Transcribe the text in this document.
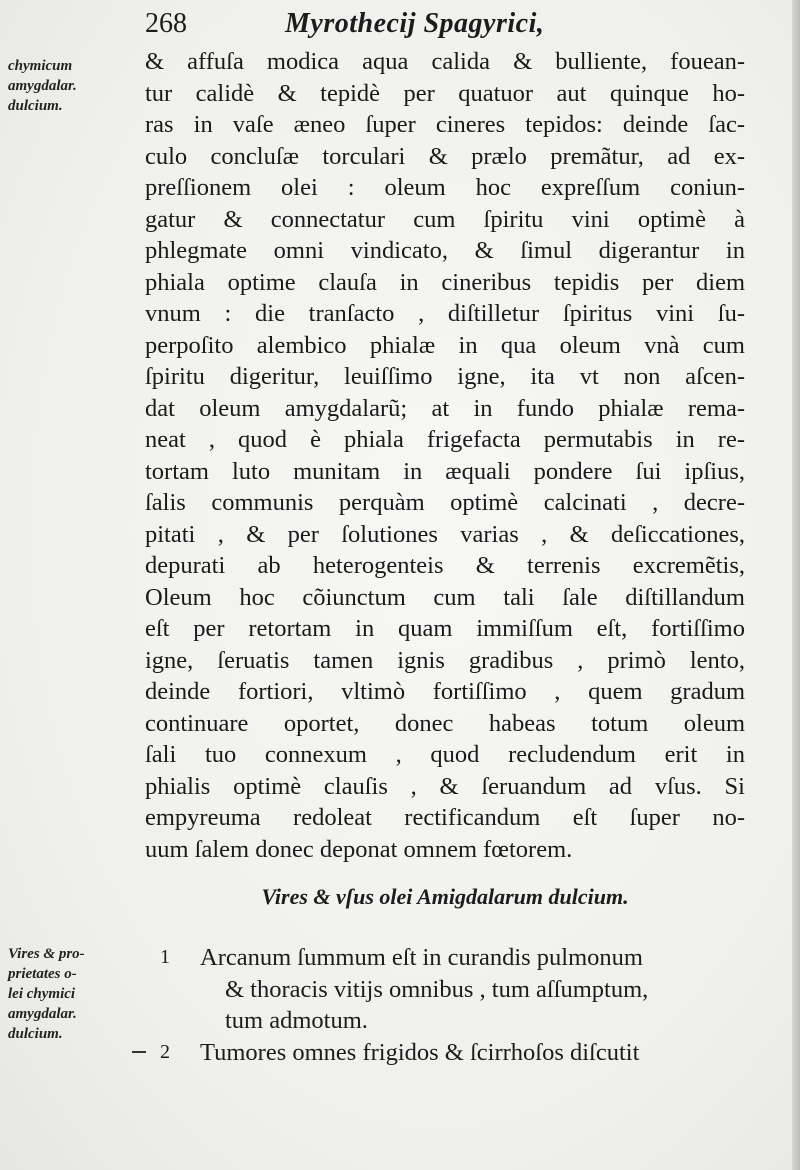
268	Myrothecij Spagyrici,
chymicum
amygdalar.
dulcium.
& affuſa modica aqua calida & bulliente, fouean-
tur calidè & tepidè per quatuor aut quinque ho-
ras in vaſe æneo ſuper cineres tepidos: deinde ſac-
culo concluſæ torculari & prælo premãtur, ad ex-
preſſionem olei : oleum hoc expreſſum coniun-
gatur & connectatur cum ſpiritu vini optimè à
phlegmate omni vindicato, & ſimul digerantur in
phiala optime clauſa in cineribus tepidis per diem
vnum : die tranſacto , diſtilletur ſpiritus vini ſu-
perpoſito alembico phialæ in qua oleum vnà cum
ſpiritu digeritur, leuiſſimo igne, ita vt non aſcen-
dat oleum amygdalarũ; at in fundo phialæ rema-
neat , quod è phiala frigefacta permutabis in re-
tortam luto munitam in æquali pondere ſui ipſius,
ſalis communis perquàm optimè calcinati , decre-
pitati , & per ſolutiones varias , & deſiccationes,
depurati ab heterogenteis & terrenis excremẽtis,
Oleum hoc cõiunctum cum tali ſale diſtillandum
eſt per retortam in quam immiſſum eſt, fortiſſimo
igne, ſeruatis tamen ignis gradibus , primò lento,
deinde fortiori, vltimò fortiſſimo , quem gradum
continuare oportet, donec habeas totum oleum
ſali tuo connexum , quod recludendum erit in
phialis optimè clauſis , & ſeruandum ad vſus. Si
empyreuma redoleat rectificandum eſt ſuper no-
uum ſalem donec deponat omnem fœtorem.
Vires & vſus olei Amigdalarum dulcium.
Vires & pro-
prietates o-
lei chymici
amygdalar.
dulcium.
1	Arcanum ſummum eſt in curandis pulmonum
& thoracis vitijs omnibus , tum aſſumptum,
tum admotum.
2	Tumores omnes frigidos & ſcirrhoſos diſcutit
